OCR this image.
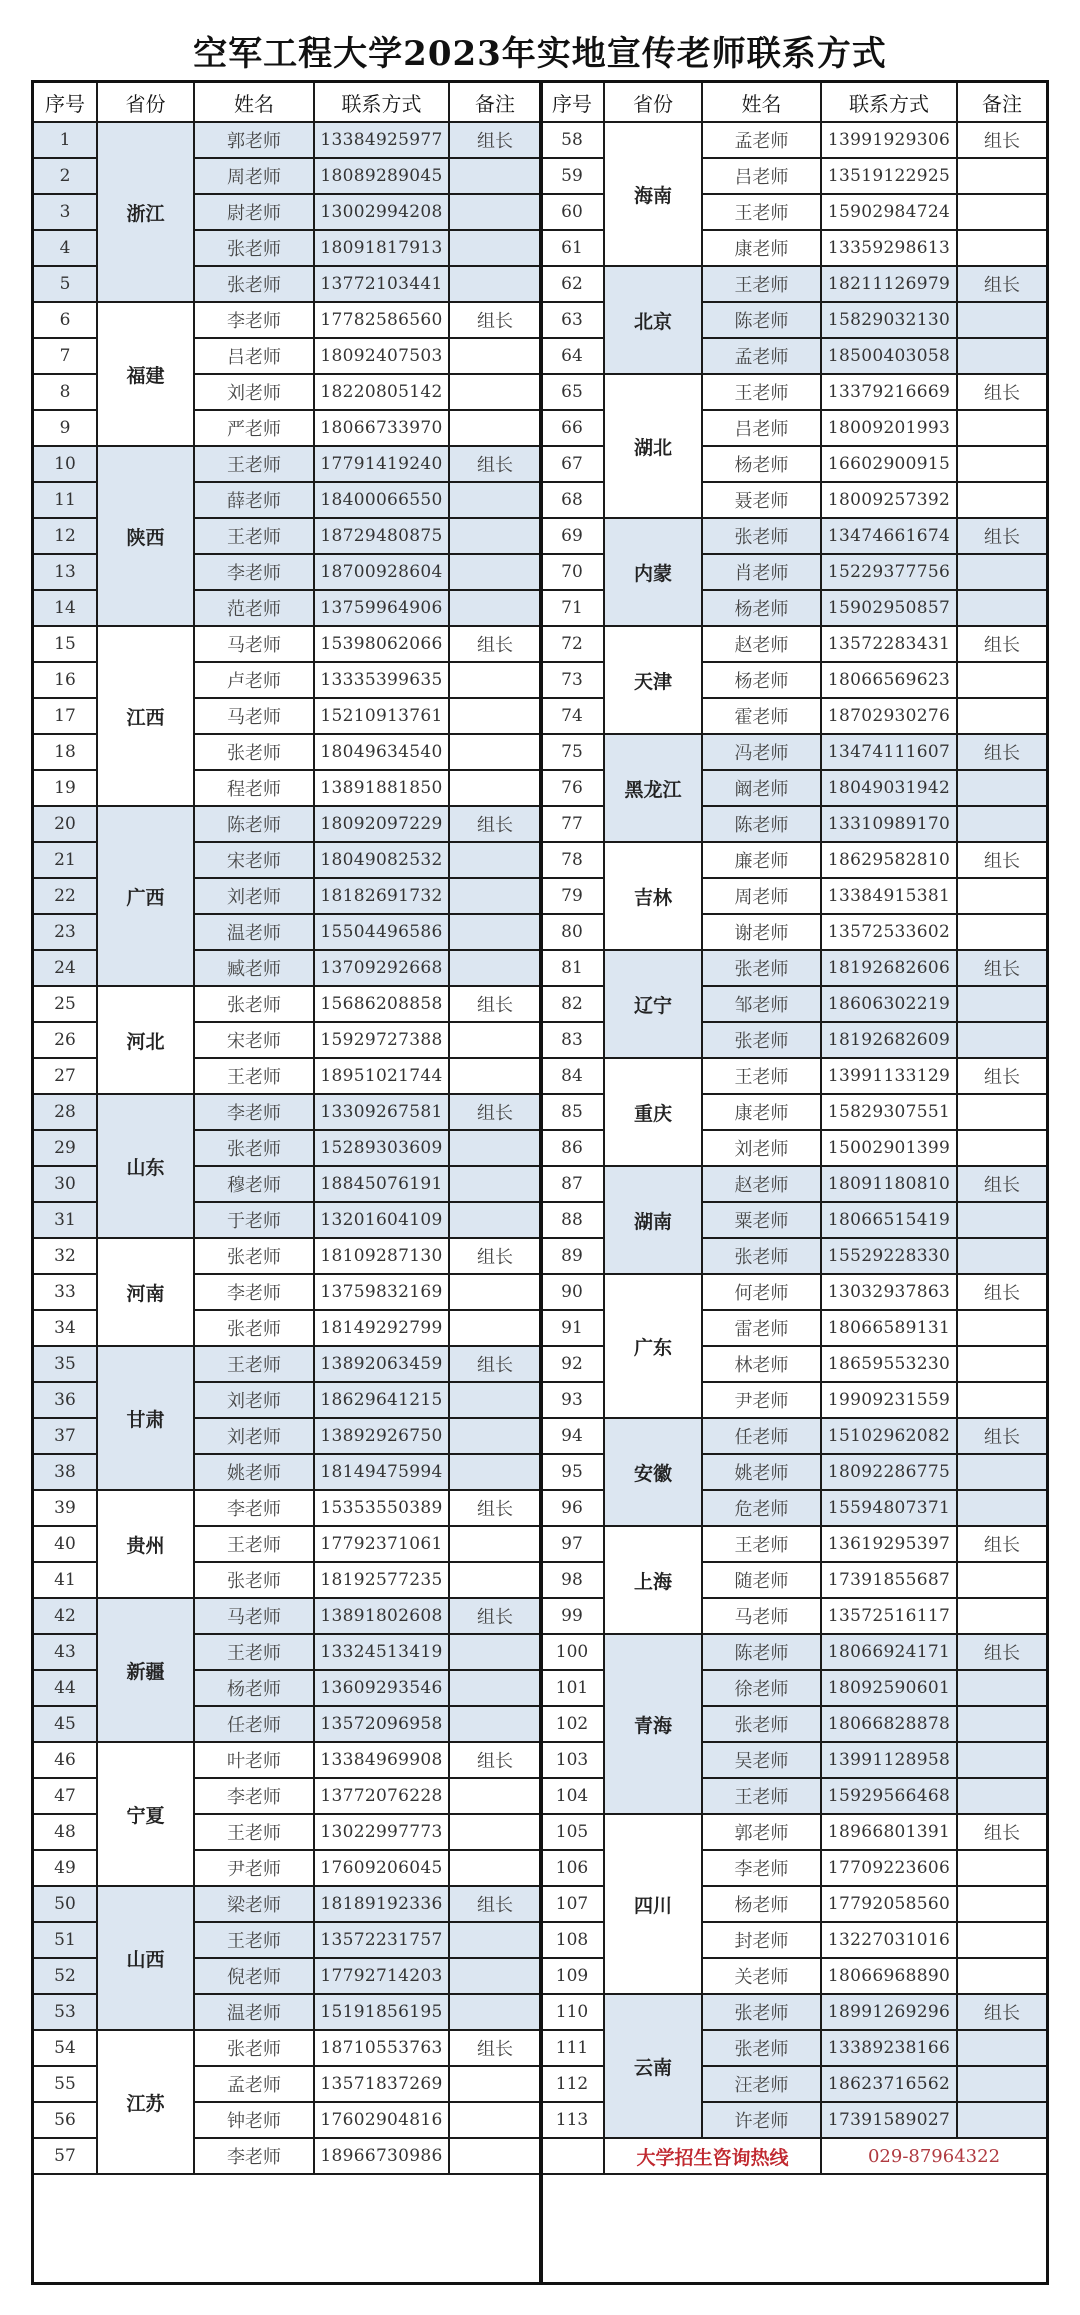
空军工程大学2023年实地宣传老师联系方式
序号	省份	姓名	联系方式	备注
1	浙江	郭老师	13384925977	组长
2		周老师	18089289045	
3		尉老师	13002994208	
4		张老师	18091817913	
5		张老师	13772103441	
6	福建	李老师	17782586560	组长
7		吕老师	18092407503	
8		刘老师	18220805142	
9		严老师	18066733970	
10	陕西	王老师	17791419240	组长
11		薛老师	18400066550	
12		王老师	18729480875	
13		李老师	18700928604	
14		范老师	13759964906	
15	江西	马老师	15398062066	组长
16		卢老师	13335399635	
17		马老师	15210913761	
18		张老师	18049634540	
19		程老师	13891881850	
20	广西	陈老师	18092097229	组长
21		宋老师	18049082532	
22		刘老师	18182691732	
23		温老师	15504496586	
24		臧老师	13709292668	
25	河北	张老师	15686208858	组长
26		宋老师	15929727388	
27		王老师	18951021744	
28	山东	李老师	13309267581	组长
29		张老师	15289303609	
30		穆老师	18845076191	
31		于老师	13201604109	
32	河南	张老师	18109287130	组长
33		李老师	13759832169	
34		张老师	18149292799	
35	甘肃	王老师	13892063459	组长
36		刘老师	18629641215	
37		刘老师	13892926750	
38		姚老师	18149475994	
39	贵州	李老师	15353550389	组长
40		王老师	17792371061	
41		张老师	18192577235	
42	新疆	马老师	13891802608	组长
43		王老师	13324513419	
44		杨老师	13609293546	
45		任老师	13572096958	
46	宁夏	叶老师	13384969908	组长
47		李老师	13772076228	
48		王老师	13022997773	
49		尹老师	17609206045	
50	山西	梁老师	18189192336	组长
51		王老师	13572231757	
52		倪老师	17792714203	
53		温老师	15191856195	
54	江苏	张老师	18710553763	组长
55		孟老师	13571837269	
56		钟老师	17602904816	
57		李老师	18966730986	
序号	省份	姓名	联系方式	备注
58	海南	孟老师	13991929306	组长
59		吕老师	13519122925	
60		王老师	15902984724	
61		康老师	13359298613	
62	北京	王老师	18211126979	组长
63		陈老师	15829032130	
64		孟老师	18500403058	
65	湖北	王老师	13379216669	组长
66		吕老师	18009201993	
67		杨老师	16602900915	
68		聂老师	18009257392	
69	内蒙	张老师	13474661674	组长
70		肖老师	15229377756	
71		杨老师	15902950857	
72	天津	赵老师	13572283431	组长
73		杨老师	18066569623	
74		霍老师	18702930276	
75	黑龙江	冯老师	13474111607	组长
76		阚老师	18049031942	
77		陈老师	13310989170	
78	吉林	廉老师	18629582810	组长
79		周老师	13384915381	
80		谢老师	13572533602	
81	辽宁	张老师	18192682606	组长
82		邹老师	18606302219	
83		张老师	18192682609	
84	重庆	王老师	13991133129	组长
85		康老师	15829307551	
86		刘老师	15002901399	
87	湖南	赵老师	18091180810	组长
88		粟老师	18066515419	
89		张老师	15529228330	
90	广东	何老师	13032937863	组长
91		雷老师	18066589131	
92		林老师	18659553230	
93		尹老师	19909231559	
94	安徽	任老师	15102962082	组长
95		姚老师	18092286775	
96		危老师	15594807371	
97	上海	王老师	13619295397	组长
98		随老师	17391855687	
99		马老师	13572516117	
100	青海	陈老师	18066924171	组长
101		徐老师	18092590601	
102		张老师	18066828878	
103		吴老师	13991128958	
104		王老师	15929566468	
105	四川	郭老师	18966801391	组长
106		李老师	17709223606	
107		杨老师	17792058560	
108		封老师	13227031016	
109		关老师	18066968890	
110	云南	张老师	18991269296	组长
111		张老师	13389238166	
112		汪老师	18623716562	
113		许老师	17391589027	
	大学招生咨询热线		029-87964322	
